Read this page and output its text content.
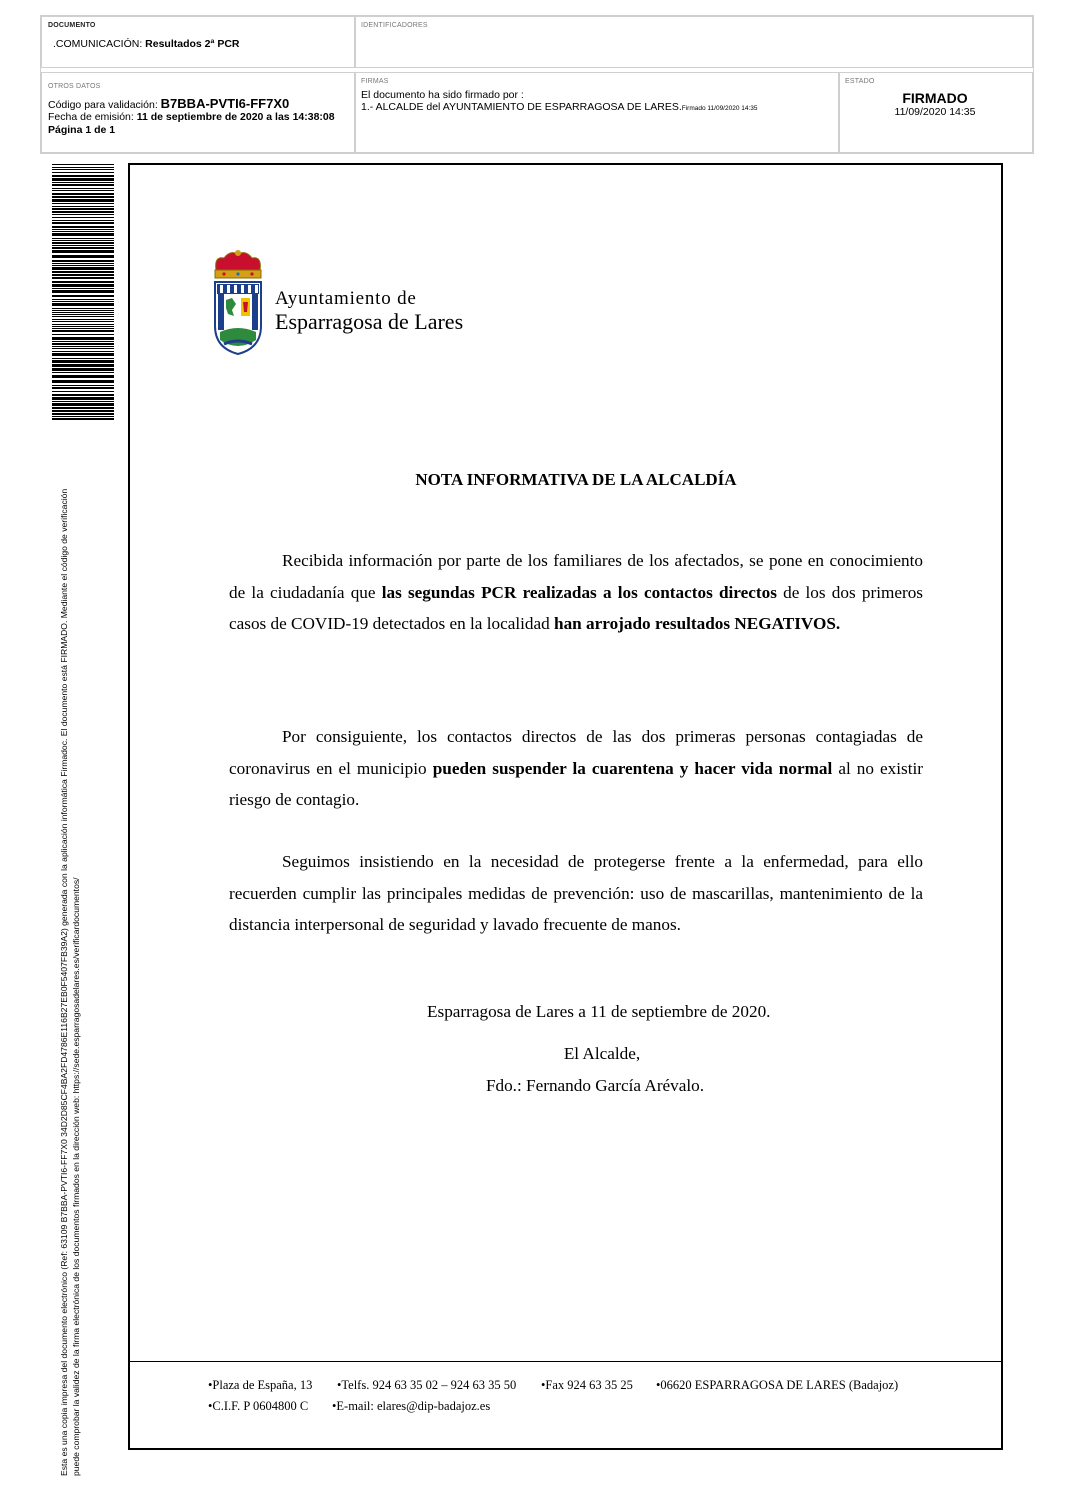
DOCUMENTO
.COMUNICACIÓN: Resultados 2ª PCR
IDENTIFICADORES
OTROS DATOS
Código para validación: B7BBA-PVTI6-FF7X0
Fecha de emisión: 11 de septiembre de 2020 a las 14:38:08
Página 1 de 1
FIRMAS
El documento ha sido firmado por :
1.- ALCALDE del AYUNTAMIENTO DE ESPARRAGOSA DE LARES.Firmado 11/09/2020 14:35
ESTADO
FIRMADO
11/09/2020 14:35
Esta es una copia impresa del documento electrónico (Ref: 63109 B7BBA-PVTI6-FF7X0 34D2D85CF4BA2FD4786E116B27EB0F5407FB39A2) generada con la aplicación informática Firmadoc. El documento está FIRMADO. Mediante el código de verificación puede comprobar la validez de la firma electrónica de los documentos firmados en la dirección web: https://sede.esparragosadelares.es/verificardocumentos/
Ayuntamiento de
Esparragosa de Lares
NOTA INFORMATIVA DE LA ALCALDÍA
Recibida información por parte de los familiares de los afectados, se pone en conocimiento de la ciudadanía que las segundas PCR realizadas a los contactos directos de los dos primeros casos de COVID-19 detectados en la localidad han arrojado resultados NEGATIVOS.
Por consiguiente, los contactos directos de las dos primeras personas contagiadas de coronavirus en el municipio pueden suspender la cuarentena y hacer vida normal al no existir riesgo de contagio.
Seguimos insistiendo en la necesidad de protegerse frente a la enfermedad, para ello recuerden cumplir las principales medidas de prevención: uso de mascarillas, mantenimiento de la distancia interpersonal de seguridad y lavado frecuente de manos.
Esparragosa de Lares a 11 de septiembre de 2020.
El Alcalde,
Fdo.: Fernando García Arévalo.
•Plaza de España, 13 •Telfs. 924 63 35 02 – 924 63 35 50 •Fax 924 63 35 25 •06620 ESPARRAGOSA DE LARES (Badajoz)
•C.I.F. P 0604800 C •E-mail: elares@dip-badajoz.es
